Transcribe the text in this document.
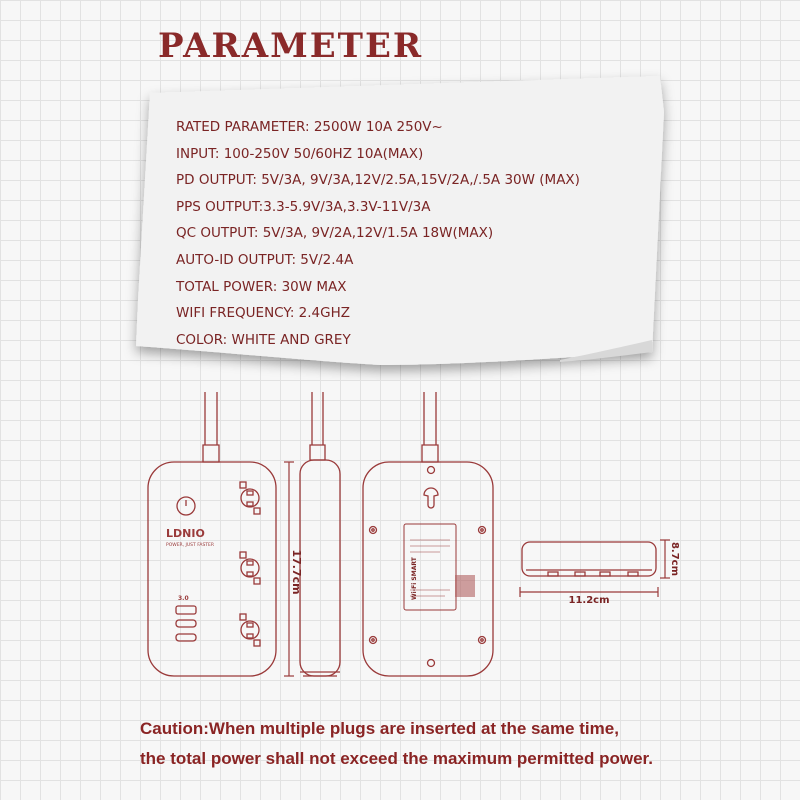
PARAMETER
RATED PARAMETER: 2500W 10A 250V~
INPUT: 100-250V 50/60HZ 10A(MAX)
PD OUTPUT: 5V/3A, 9V/3A,12V/2.5A,15V/2A,/.5A 30W (MAX)
PPS OUTPUT:3.3-5.9V/3A,3.3V-11V/3A
QC OUTPUT: 5V/3A, 9V/2A,12V/1.5A 18W(MAX)
AUTO-ID OUTPUT: 5V/2.4A
TOTAL POWER: 30W MAX
WIFI FREQUENCY: 2.4GHZ
COLOR: WHITE AND GREY
LDNIO
POWER, JUST FASTER
3.0
17.7cm	Wi-Fi SMART	8.7cm
11.2cm

Caution:When multiple plugs are inserted at the same time,

the total power shall not exceed the maximum permitted power.
